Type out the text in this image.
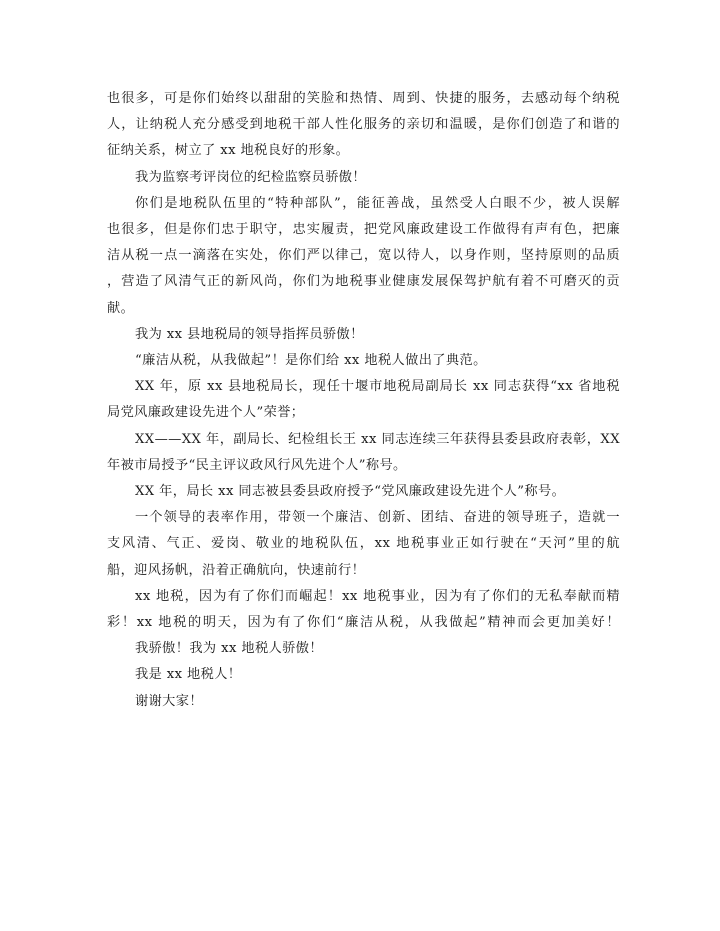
也很多，可是你们始终以甜甜的笑脸和热情、周到、快捷的服务，去感动每个纳税
人，让纳税人充分感受到地税干部人性化服务的亲切和温暖，是你们创造了和谐的
征纳关系，树立了 xx 地税良好的形象。
我为监察考评岗位的纪检监察员骄傲！
你们是地税队伍里的“特种部队”，能征善战，虽然受人白眼不少，被人误解
也很多，但是你们忠于职守，忠实履责，把党风廉政建设工作做得有声有色，把廉
洁从税一点一滴落在实处，你们严以律己，宽以待人，以身作则，坚持原则的品质
，营造了风清气正的新风尚，你们为地税事业健康发展保驾护航有着不可磨灭的贡
献。
我为 xx 县地税局的领导指挥员骄傲！
“廉洁从税，从我做起”！是你们给 xx 地税人做出了典范。
XX 年，原 xx 县地税局长，现任十堰市地税局副局长 xx 同志获得“xx 省地税
局党风廉政建设先进个人”荣誉；
XX——XX 年，副局长、纪检组长王 xx 同志连续三年获得县委县政府表彰，XX
年被市局授予“民主评议政风行风先进个人”称号。
XX 年，局长 xx 同志被县委县政府授予“党风廉政建设先进个人”称号。
一个领导的表率作用，带领一个廉洁、创新、团结、奋进的领导班子，造就一
支风清、气正、爱岗、敬业的地税队伍，xx 地税事业正如行驶在“天河”里的航
船，迎风扬帆，沿着正确航向，快速前行！
xx 地税，因为有了你们而崛起！xx 地税事业，因为有了你们的无私奉献而精
彩！xx 地税的明天，因为有了你们“廉洁从税，从我做起”精神而会更加美好！
我骄傲！我为 xx 地税人骄傲！
我是 xx 地税人！
谢谢大家！
